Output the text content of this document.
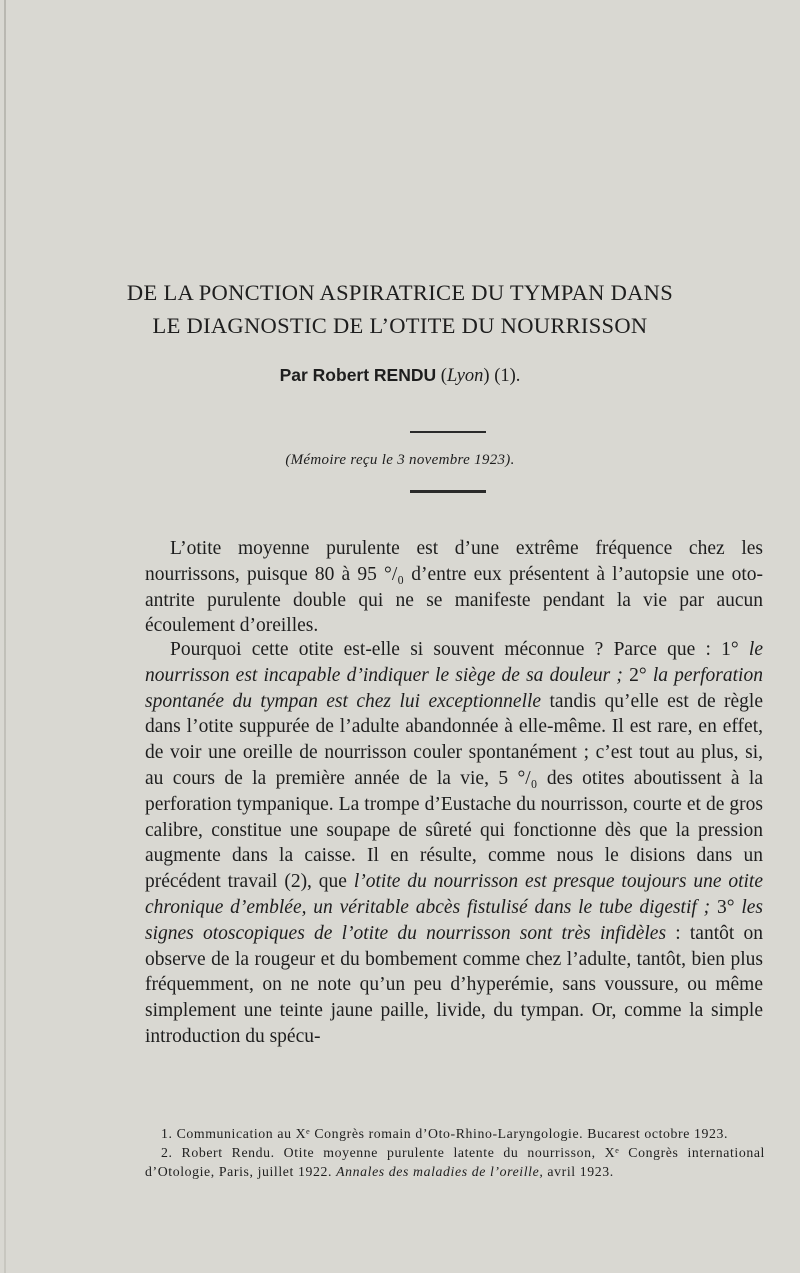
DE LA PONCTION ASPIRATRICE DU TYMPAN DANS
LE DIAGNOSTIC DE L’OTITE DU NOURRISSON
Par Robert RENDU (Lyon) (1).
(Mémoire reçu le 3 novembre 1923).

L’otite moyenne purulente est d’une extrême fréquence chez les nourrissons, puisque 80 à 95 °/₀ d’entre eux présentent à l’autopsie une oto-antrite purulente double qui ne se manifeste pendant la vie par aucun écoulement d’oreilles.

Pourquoi cette otite est-elle si souvent méconnue ? Parce que : 1° le nourrisson est incapable d’indiquer le siège de sa douleur ; 2° la perforation spontanée du tympan est chez lui exceptionnelle tandis qu’elle est de règle dans l’otite suppurée de l’adulte abandonnée à elle-même. Il est rare, en effet, de voir une oreille de nourrisson couler spontanément ; c’est tout au plus, si, au cours de la première année de la vie, 5 °/₀ des otites aboutissent à la perforation tympanique. La trompe d’Eustache du nourrisson, courte et de gros calibre, constitue une soupape de sûreté qui fonctionne dès que la pression augmente dans la caisse. Il en résulte, comme nous le disions dans un précédent travail (2), que l’otite du nourrisson est presque toujours une otite chronique d’emblée, un véritable abcès fistulisé dans le tube digestif ; 3° les signes otoscopiques de l’otite du nourrisson sont très infidèles : tantôt on observe de la rougeur et du bombement comme chez l’adulte, tantôt, bien plus fréquemment, on ne note qu’un peu d’hyperémie, sans voussure, ou même simplement une teinte jaune paille, livide, du tympan. Or, comme la simple introduction du spécu-

1. Communication au Xᵉ Congrès romain d’Oto-Rhino-Laryngologie. Bucarest octobre 1923.

2. Robert Rendu. Otite moyenne purulente latente du nourrisson, Xᵉ Congrès international d’Otologie, Paris, juillet 1922. Annales des maladies de l’oreille, avril 1923.
